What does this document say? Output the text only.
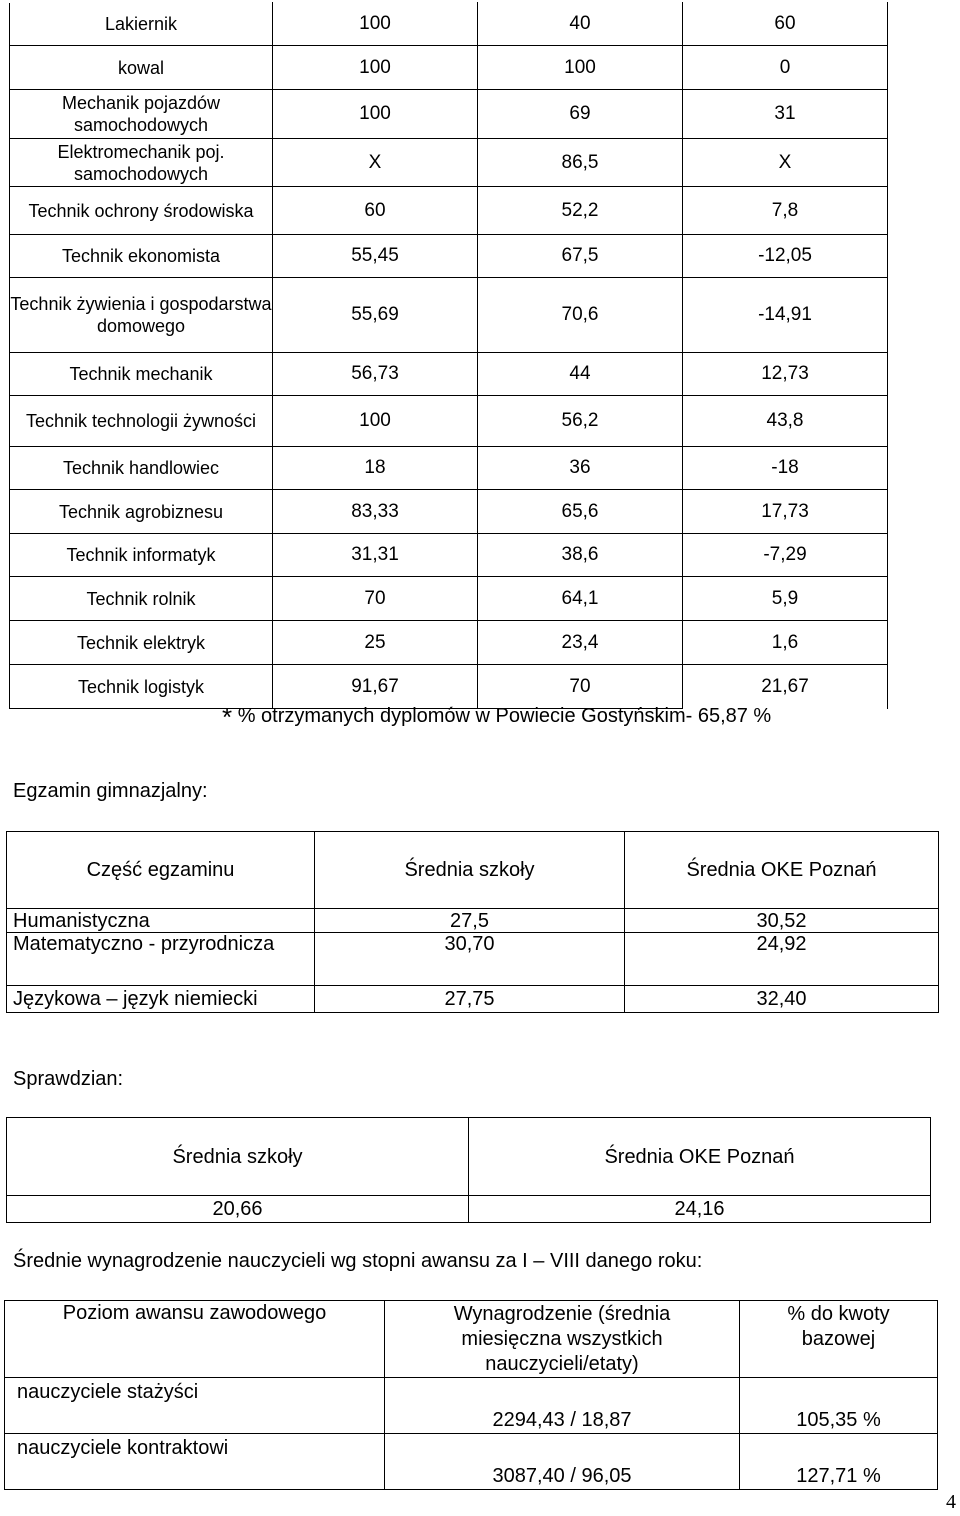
Lakiernik	100	40	60
kowal	100	100	0
Mechanik pojazdów samochodowych	100	69	31
Elektromechanik poj. samochodowych	X	86,5	X
Technik ochrony środowiska	60	52,2	7,8
Technik ekonomista	55,45	67,5	-12,05
Technik żywienia i gospodarstwa domowego	55,69	70,6	-14,91
Technik mechanik	56,73	44	12,73
Technik technologii żywności	100	56,2	43,8
Technik handlowiec	18	36	-18
Technik agrobiznesu	83,33	65,6	17,73
Technik informatyk	31,31	38,6	-7,29
Technik rolnik	70	64,1	5,9
Technik elektryk	25	23,4	1,6
Technik logistyk	91,67	70	21,67
* % otrzymanych dyplomów w Powiecie Gostyńskim- 65,87 %
Egzamin gimnazjalny:
Część egzaminu	Średnia szkoły	Średnia OKE Poznań
Humanistyczna	27,5	30,52
Matematyczno - przyrodnicza	30,70	24,92
Językowa – język niemiecki	27,75	32,40
Sprawdzian:
Średnia szkoły	Średnia OKE Poznań
20,66	24,16
Średnie wynagrodzenie nauczycieli wg stopni awansu za I – VIII danego roku:
Poziom awansu zawodowego	Wynagrodzenie (średnia miesięczna wszystkich nauczycieli/etaty)	% do kwoty bazowej
nauczyciele stażyści	2294,43 / 18,87	105,35 %
nauczyciele kontraktowi	3087,40 / 96,05	127,71 %
4
